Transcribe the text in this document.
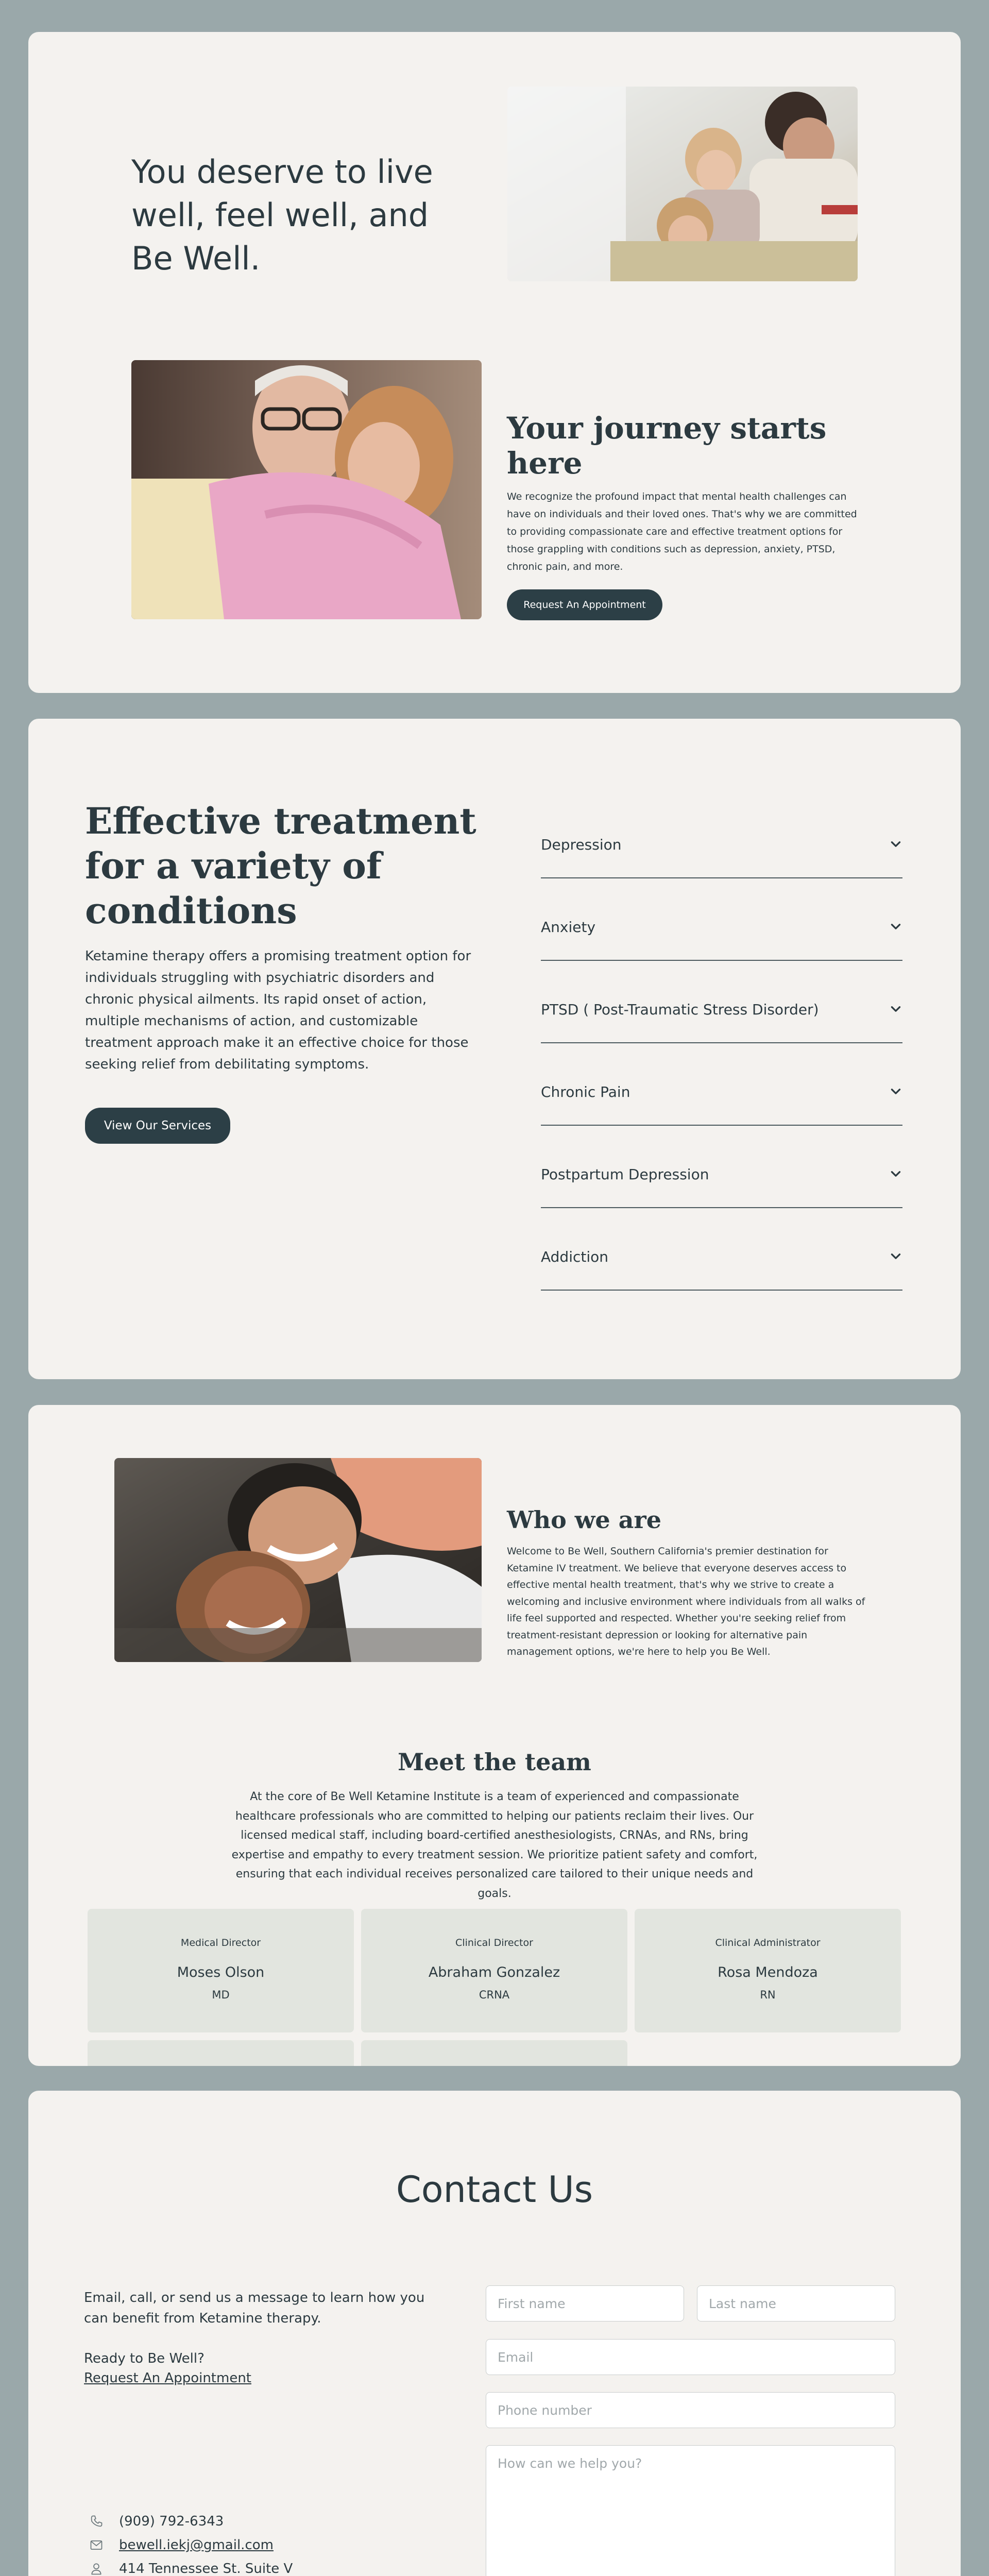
You deserve to live well, feel well, and Be Well.
Your journey starts here

We recognize the profound impact that mental health challenges can have on individuals and their loved ones. That's why we are committed to providing compassionate care and effective treatment options for those grappling with conditions such as depression, anxiety, PTSD, chronic pain, and more.

Request An Appointment
Effective treatment for a variety of conditions

Ketamine therapy offers a promising treatment option for individuals struggling with psychiatric disorders and chronic physical ailments. Its rapid onset of action, multiple mechanisms of action, and customizable treatment approach make it an effective choice for those seeking relief from debilitating symptoms.

View Our Services
Depression
Anxiety
PTSD ( Post-Traumatic Stress Disorder)
Chronic Pain
Postpartum Depression
Addiction
Who we are

Welcome to Be Well, Southern California's premier destination for Ketamine IV treatment. We believe that everyone deserves access to effective mental health treatment, that's why we strive to create a welcoming and inclusive environment where individuals from all walks of life feel supported and respected. Whether you're seeking relief from treatment-resistant depression or looking for alternative pain management options, we're here to help you Be Well.

Meet the team

At the core of Be Well Ketamine Institute is a team of experienced and compassionate healthcare professionals who are committed to helping our patients reclaim their lives. Our licensed medical staff, including board-certified anesthesiologists, CRNAs, and RNs, bring expertise and empathy to every treatment session. We prioritize patient safety and comfort, ensuring that each individual receives personalized care tailored to their unique needs and goals.

Medical Director
Moses Olson
MD
Clinical Director
Abraham Gonzalez
CRNA
Clinical Administrator
Rosa Mendoza
RN
Contact Us

Email, call, or send us a message to learn how you can benefit from Ketamine therapy.

Ready to Be Well?

Request An Appointment
(909) 792-6343
bewell.iekj@gmail.com
414 Tennessee St. Suite V
First name
Last name
Email
Phone number
How can we help you?
